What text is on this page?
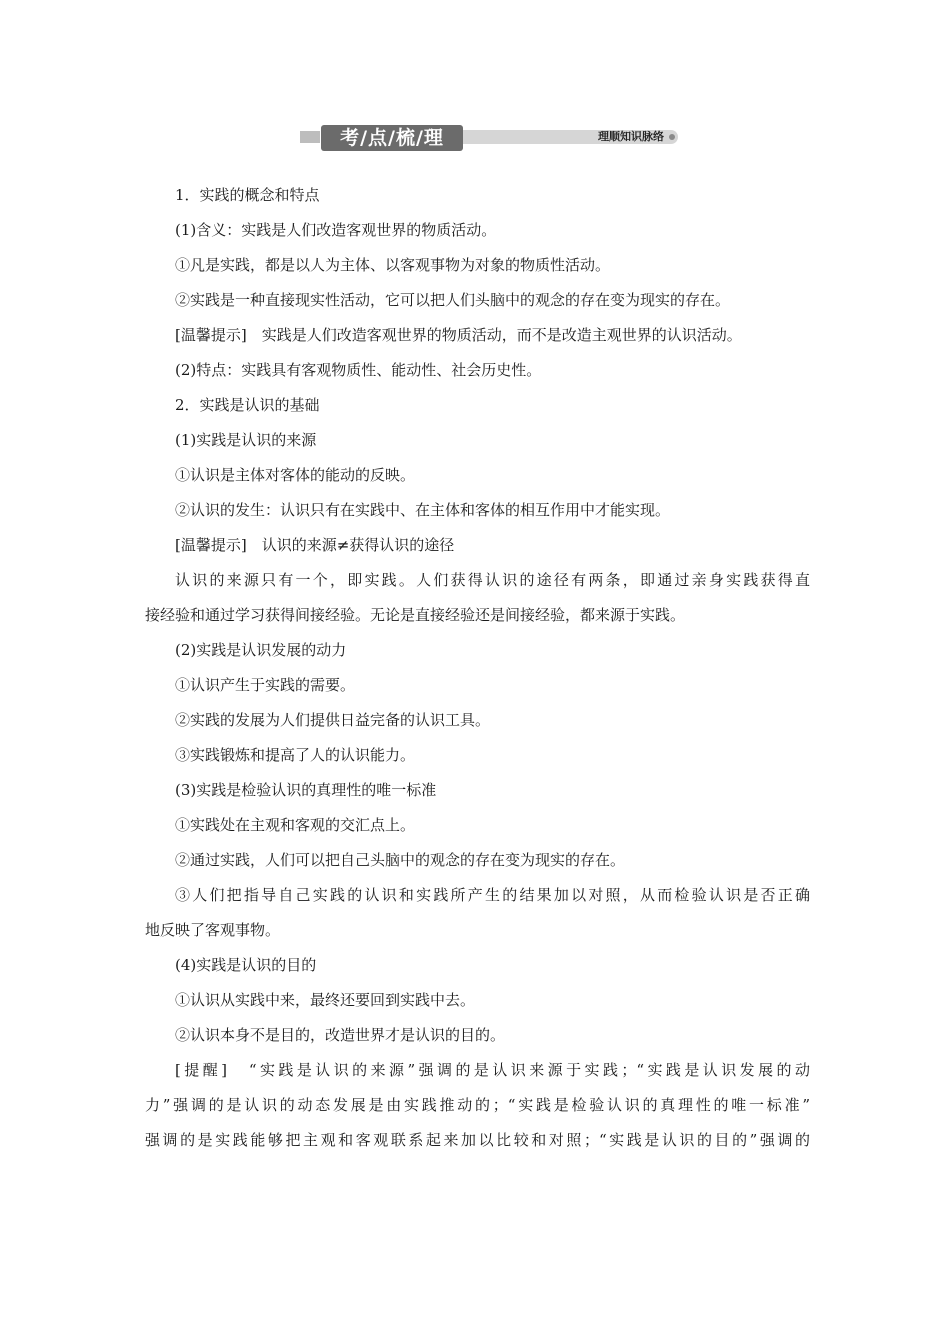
考/点/梳/理	理顺知识脉络

1．实践的概念和特点

(1)含义：实践是人们改造客观世界的物质活动。

①凡是实践，都是以人为主体、以客观事物为对象的物质性活动。

②实践是一种直接现实性活动，它可以把人们头脑中的观念的存在变为现实的存在。

[温馨提示]　实践是人们改造客观世界的物质活动，而不是改造主观世界的认识活动。

(2)特点：实践具有客观物质性、能动性、社会历史性。

2．实践是认识的基础

(1)实践是认识的来源

①认识是主体对客体的能动的反映。

②认识的发生：认识只有在实践中、在主体和客体的相互作用中才能实现。

[温馨提示]　认识的来源≠获得认识的途径

认识的来源只有一个，即实践。人们获得认识的途径有两条，即通过亲身实践获得直

接经验和通过学习获得间接经验。无论是直接经验还是间接经验，都来源于实践。

(2)实践是认识发展的动力

①认识产生于实践的需要。

②实践的发展为人们提供日益完备的认识工具。

③实践锻炼和提高了人的认识能力。

(3)实践是检验认识的真理性的唯一标准

①实践处在主观和客观的交汇点上。

②通过实践，人们可以把自己头脑中的观念的存在变为现实的存在。

③人们把指导自己实践的认识和实践所产生的结果加以对照，从而检验认识是否正确

地反映了客观事物。

(4)实践是认识的目的

①认识从实践中来，最终还要回到实践中去。

②认识本身不是目的，改造世界才是认识的目的。

[提醒]　“实践是认识的来源”强调的是认识来源于实践；“实践是认识发展的动

力”强调的是认识的动态发展是由实践推动的；“实践是检验认识的真理性的唯一标准”

强调的是实践能够把主观和客观联系起来加以比较和对照；“实践是认识的目的”强调的
